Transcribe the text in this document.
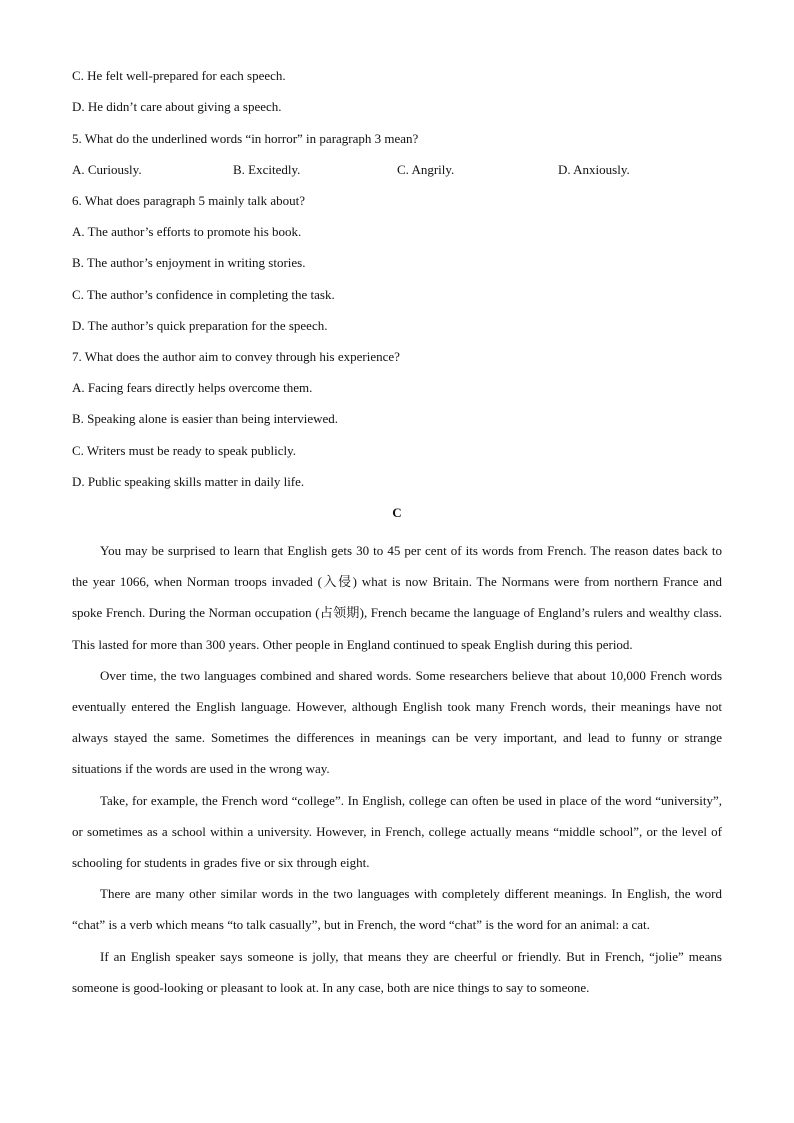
C. He felt well-prepared for each speech.
D. He didn’t care about giving a speech.
5. What do the underlined words “in horror” in paragraph 3 mean?
A. Curiously.	B. Excitedly.	C. Angrily.	D. Anxiously.
6. What does paragraph 5 mainly talk about?
A. The author’s efforts to promote his book.
B. The author’s enjoyment in writing stories.
C. The author’s confidence in completing the task.
D. The author’s quick preparation for the speech.
7. What does the author aim to convey through his experience?
A. Facing fears directly helps overcome them.
B. Speaking alone is easier than being interviewed.
C. Writers must be ready to speak publicly.
D. Public speaking skills matter in daily life.
C

You may be surprised to learn that English gets 30 to 45 per cent of its words from French. The reason dates back to the year 1066, when Norman troops invaded (入侵) what is now Britain. The Normans were from northern France and spoke French. During the Norman occupation (占领期), French became the language of England’s rulers and wealthy class. This lasted for more than 300 years. Other people in England continued to speak English during this period.

Over time, the two languages combined and shared words. Some researchers believe that about 10,000 French words eventually entered the English language. However, although English took many French words, their meanings have not always stayed the same. Sometimes the differences in meanings can be very important, and lead to funny or strange situations if the words are used in the wrong way.

Take, for example, the French word “college”. In English, college can often be used in place of the word “university”, or sometimes as a school within a university. However, in French, college actually means “middle school”, or the level of schooling for students in grades five or six through eight.

There are many other similar words in the two languages with completely different meanings. In English, the word “chat” is a verb which means “to talk casually”, but in French, the word “chat” is the word for an animal: a cat.

If an English speaker says someone is jolly, that means they are cheerful or friendly. But in French, “jolie” means someone is good-looking or pleasant to look at. In any case, both are nice things to say to someone.
